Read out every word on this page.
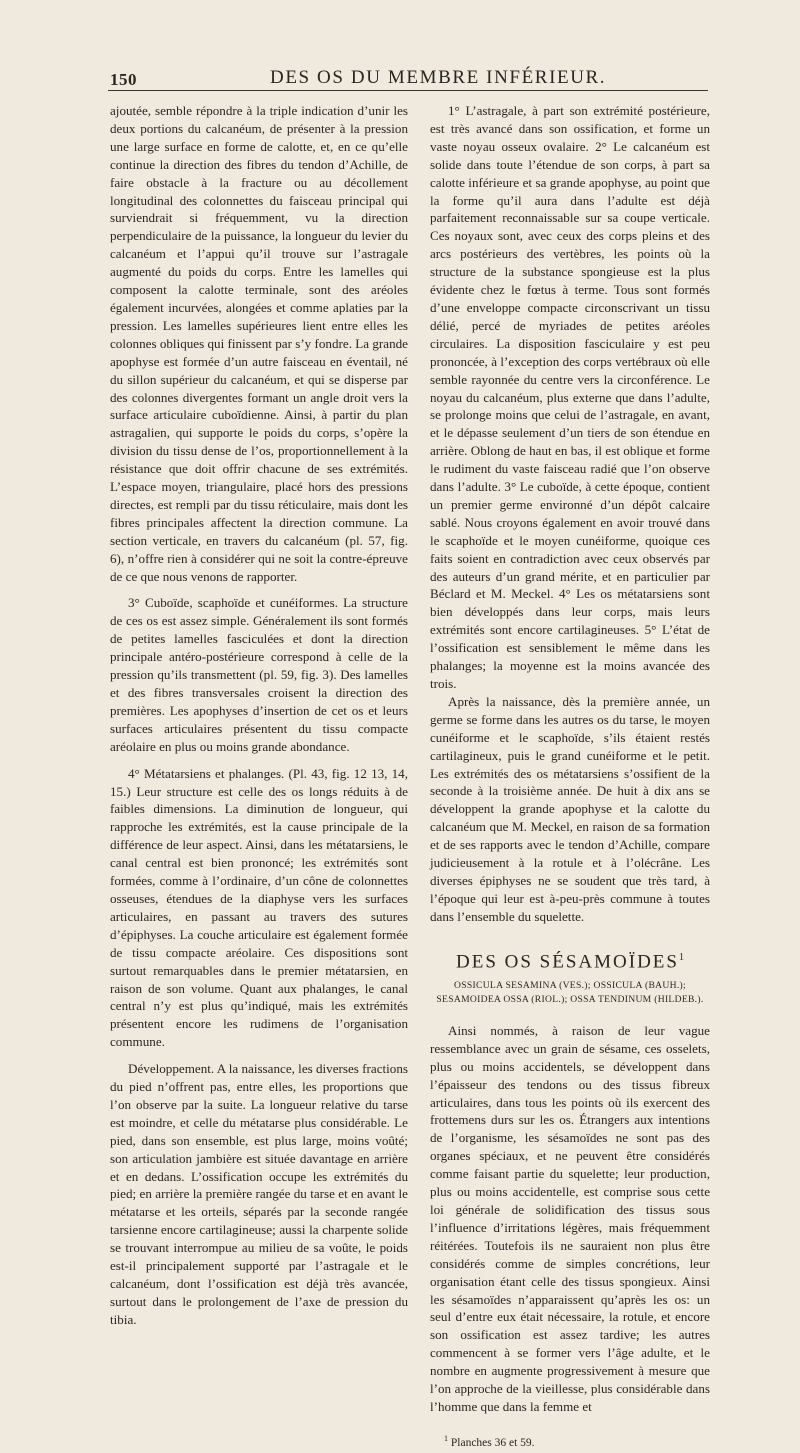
150	DES OS DU MEMBRE INFÉRIEUR.

ajoutée, semble répondre à la triple indication d’unir les deux portions du calcanéum, de présenter à la pression une large surface en forme de calotte, et, en ce qu’elle continue la direction des fibres du tendon d’Achille, de faire obstacle à la fracture ou au décollement longitudinal des colonnettes du faisceau principal qui surviendrait si fréquemment, vu la direction perpendiculaire de la puissance, la longueur du levier du calcanéum et l’appui qu’il trouve sur l’astragale augmenté du poids du corps. Entre les lamelles qui composent la calotte terminale, sont des aréoles également incurvées, alongées et comme aplaties par la pression. Les lamelles supérieures lient entre elles les colonnes obliques qui finissent par s’y fondre. La grande apophyse est formée d’un autre faisceau en éventail, né du sillon supérieur du calcanéum, et qui se disperse par des colonnes divergentes formant un angle droit vers la surface articulaire cuboïdienne. Ainsi, à partir du plan astragalien, qui supporte le poids du corps, s’opère la division du tissu dense de l’os, proportionnellement à la résistance que doit offrir chacune de ses extrémités. L’espace moyen, triangulaire, placé hors des pressions directes, est rempli par du tissu réticulaire, mais dont les fibres principales affectent la direction commune. La section verticale, en travers du calcanéum (pl. 57, fig. 6), n’offre rien à considérer qui ne soit la contre-épreuve de ce que nous venons de rapporter.

3° Cuboïde, scaphoïde et cunéiformes. La structure de ces os est assez simple. Généralement ils sont formés de petites lamelles fasciculées et dont la direction principale antéro-postérieure correspond à celle de la pression qu’ils transmettent (pl. 59, fig. 3). Des lamelles et des fibres transversales croisent la direction des premières. Les apophyses d’insertion de cet os et leurs surfaces articulaires présentent du tissu compacte aréolaire en plus ou moins grande abondance.

4° Métatarsiens et phalanges. (Pl. 43, fig. 12 13, 14, 15.) Leur structure est celle des os longs réduits à de faibles dimensions. La diminution de longueur, qui rapproche les extrémités, est la cause principale de la différence de leur aspect. Ainsi, dans les métatarsiens, le canal central est bien prononcé; les extrémités sont formées, comme à l’ordinaire, d’un cône de colonnettes osseuses, étendues de la diaphyse vers les surfaces articulaires, en passant au travers des sutures d’épiphyses. La couche articulaire est également formée de tissu compacte aréolaire. Ces dispositions sont surtout remarquables dans le premier métatarsien, en raison de son volume. Quant aux phalanges, le canal central n’y est plus qu’indiqué, mais les extrémités présentent encore les rudimens de l’organisation commune.

Développement. A la naissance, les diverses fractions du pied n’offrent pas, entre elles, les proportions que l’on observe par la suite. La longueur relative du tarse est moindre, et celle du métatarse plus considérable. Le pied, dans son ensemble, est plus large, moins voûté; son articulation jambière est située davantage en arrière et en dedans. L’ossification occupe les extrémités du pied; en arrière la première rangée du tarse et en avant le métatarse et les orteils, séparés par la seconde rangée tarsienne encore cartilagineuse; aussi la charpente solide se trouvant interrompue au milieu de sa voûte, le poids est-il principalement supporté par l’astragale et le calcanéum, dont l’ossification est déjà très avancée, surtout dans le prolongement de l’axe de pression du tibia.

1° L’astragale, à part son extrémité postérieure, est très avancé dans son ossification, et forme un vaste noyau osseux ovalaire. 2° Le calcanéum est solide dans toute l’étendue de son corps, à part sa calotte inférieure et sa grande apophyse, au point que la forme qu’il aura dans l’adulte est déjà parfaitement reconnaissable sur sa coupe verticale. Ces noyaux sont, avec ceux des corps pleins et des arcs postérieurs des vertèbres, les points où la structure de la substance spongieuse est la plus évidente chez le fœtus à terme. Tous sont formés d’une enveloppe compacte circonscrivant un tissu délié, percé de myriades de petites aréoles circulaires. La disposition fasciculaire y est peu prononcée, à l’exception des corps vertébraux où elle semble rayonnée du centre vers la circonférence. Le noyau du calcanéum, plus externe que dans l’adulte, se prolonge moins que celui de l’astragale, en avant, et le dépasse seulement d’un tiers de son étendue en arrière. Oblong de haut en bas, il est oblique et forme le rudiment du vaste faisceau radié que l’on observe dans l’adulte. 3° Le cuboïde, à cette époque, contient un premier germe environné d’un dépôt calcaire sablé. Nous croyons également en avoir trouvé dans le scaphoïde et le moyen cunéiforme, quoique ces faits soient en contradiction avec ceux observés par des auteurs d’un grand mérite, et en particulier par Béclard et M. Meckel. 4° Les os métatarsiens sont bien développés dans leur corps, mais leurs extrémités sont encore cartilagineuses. 5° L’état de l’ossification est sensiblement le même dans les phalanges; la moyenne est la moins avancée des trois.

Après la naissance, dès la première année, un germe se forme dans les autres os du tarse, le moyen cunéiforme et le scaphoïde, s’ils étaient restés cartilagineux, puis le grand cunéiforme et le petit. Les extrémités des os métatarsiens s’ossifient de la seconde à la troisième année. De huit à dix ans se développent la grande apophyse et la calotte du calcanéum que M. Meckel, en raison de sa formation et de ses rapports avec le tendon d’Achille, compare judicieusement à la rotule et à l’olécrâne. Les diverses épiphyses ne se soudent que très tard, à l’époque qui leur est à-peu-près commune à toutes dans l’ensemble du squelette.

DES OS SÉSAMOÏDES$^1$
OSSICULA SESAMINA (VES.); OSSICULA (BAUH.); SESAMOIDEA OSSA (RIOL.); OSSA TENDINUM (HILDEB.).

Ainsi nommés, à raison de leur vague ressemblance avec un grain de sésame, ces osselets, plus ou moins accidentels, se développent dans l’épaisseur des tendons ou des tissus fibreux articulaires, dans tous les points où ils exercent des frottemens durs sur les os. Étrangers aux intentions de l’organisme, les sésamoïdes ne sont pas des organes spéciaux, et ne peuvent être considérés comme faisant partie du squelette; leur production, plus ou moins accidentelle, est comprise sous cette loi générale de solidification des tissus sous l’influence d’irritations légères, mais fréquemment réitérées. Toutefois ils ne sauraient non plus être considérés comme de simples concrétions, leur organisation étant celle des tissus spongieux. Ainsi les sésamoïdes n’apparaissent qu’après les os: un seul d’entre eux était nécessaire, la rotule, et encore son ossification est assez tardive; les autres commencent à se former vers l’âge adulte, et le nombre en augmente progressivement à mesure que l’on approche de la vieillesse, plus considérable dans l’homme que dans la femme et

$^1$ Planches 36 et 59.
